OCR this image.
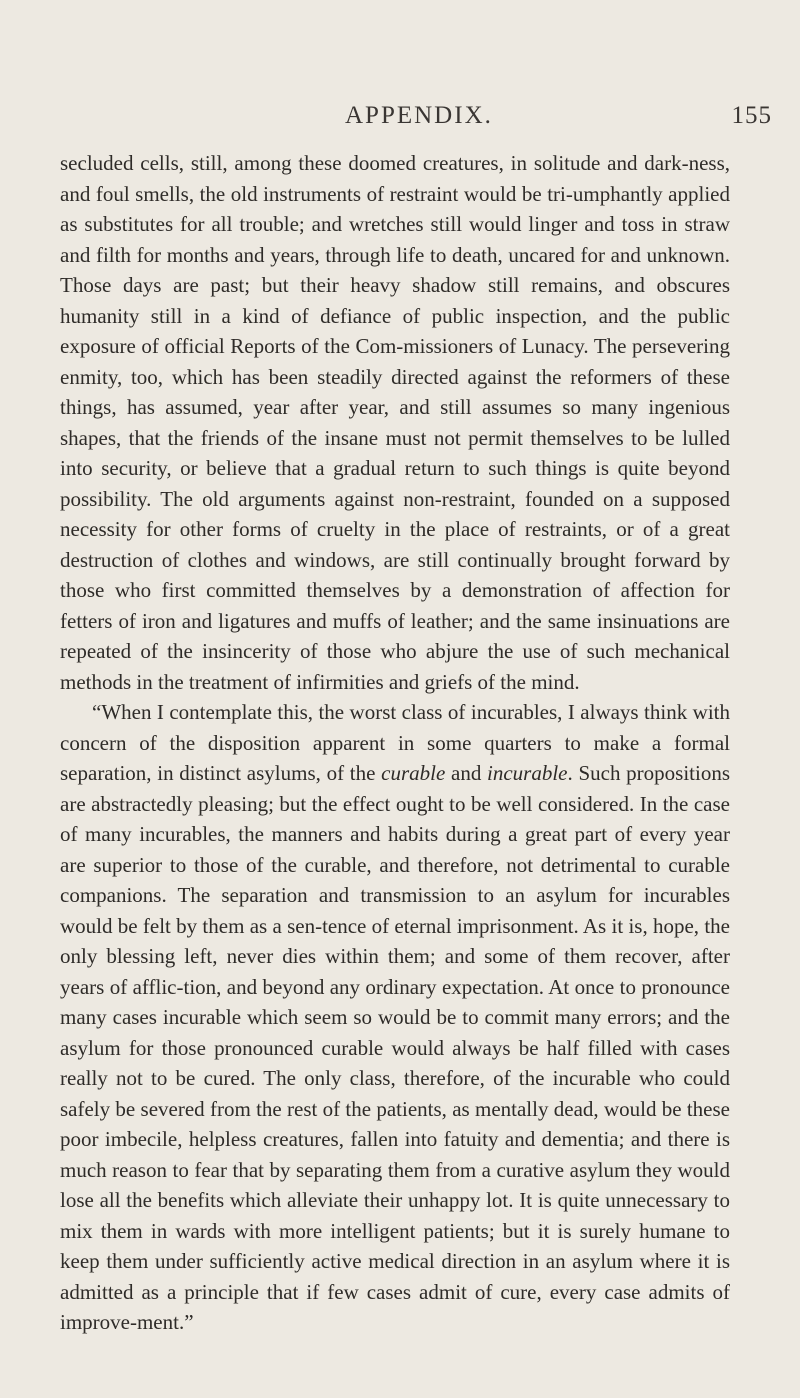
APPENDIX.	155

secluded cells, still, among these doomed creatures, in solitude and dark-ness, and foul smells, the old instruments of restraint would be tri-umphantly applied as substitutes for all trouble; and wretches still would linger and toss in straw and filth for months and years, through life to death, uncared for and unknown. Those days are past; but their heavy shadow still remains, and obscures humanity still in a kind of defiance of public inspection, and the public exposure of official Reports of the Com-missioners of Lunacy. The persevering enmity, too, which has been steadily directed against the reformers of these things, has assumed, year after year, and still assumes so many ingenious shapes, that the friends of the insane must not permit themselves to be lulled into security, or believe that a gradual return to such things is quite beyond possibility. The old arguments against non-restraint, founded on a supposed necessity for other forms of cruelty in the place of restraints, or of a great destruction of clothes and windows, are still continually brought forward by those who first committed themselves by a demonstration of affection for fetters of iron and ligatures and muffs of leather; and the same insinuations are repeated of the insincerity of those who abjure the use of such mechanical methods in the treatment of infirmities and griefs of the mind.

“When I contemplate this, the worst class of incurables, I always think with concern of the disposition apparent in some quarters to make a formal separation, in distinct asylums, of the curable and incurable. Such propositions are abstractedly pleasing; but the effect ought to be well considered. In the case of many incurables, the manners and habits during a great part of every year are superior to those of the curable, and therefore, not detrimental to curable companions. The separation and transmission to an asylum for incurables would be felt by them as a sen-tence of eternal imprisonment. As it is, hope, the only blessing left, never dies within them; and some of them recover, after years of afflic-tion, and beyond any ordinary expectation. At once to pronounce many cases incurable which seem so would be to commit many errors; and the asylum for those pronounced curable would always be half filled with cases really not to be cured. The only class, therefore, of the incurable who could safely be severed from the rest of the patients, as mentally dead, would be these poor imbecile, helpless creatures, fallen into fatuity and dementia; and there is much reason to fear that by separating them from a curative asylum they would lose all the benefits which alleviate their unhappy lot. It is quite unnecessary to mix them in wards with more intelligent patients; but it is surely humane to keep them under sufficiently active medical direction in an asylum where it is admitted as a principle that if few cases admit of cure, every case admits of improve-ment.”
